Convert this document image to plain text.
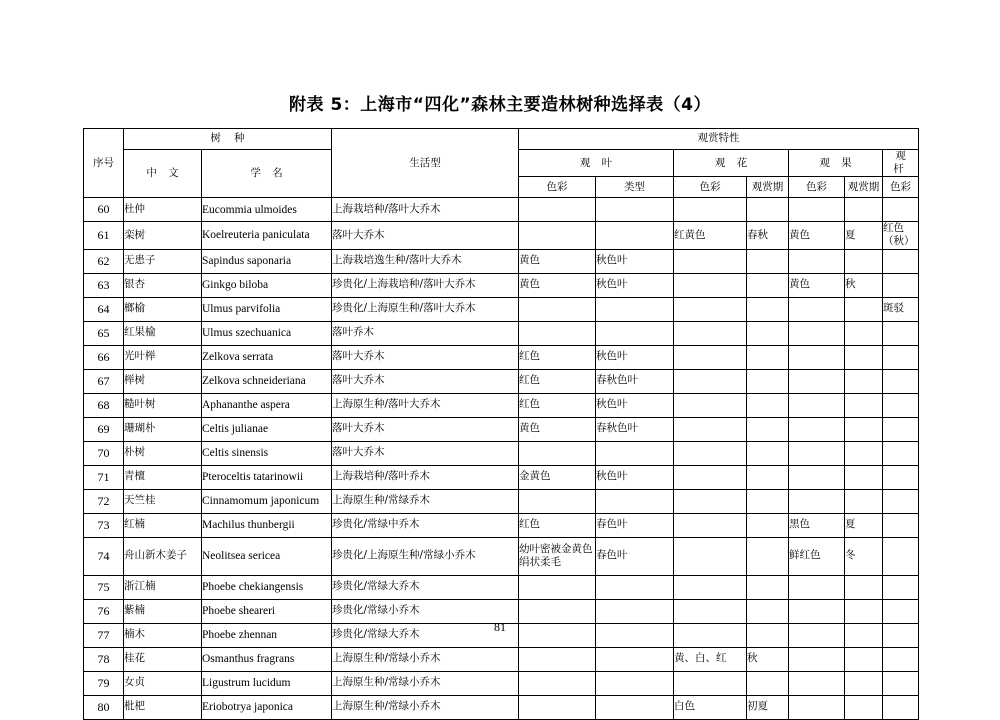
附表 5：上海市“四化”森林主要造林树种选择表（4）
序号	树 种		生活型	观赏特性						
	中 文	学 名		观 叶		观 花		观 果		观 杆
				色彩	类型	色彩	观赏期	色彩	观赏期	色彩
60	杜仲	Eucommia ulmoides	上海栽培种/落叶大乔木							
61	栾树	Koelreuteria paniculata	落叶大乔木			红黄色	春秋	黄色	夏	红色（秋）
62	无患子	Sapindus saponaria	上海栽培逸生种/落叶大乔木	黄色	秋色叶					
63	银杏	Ginkgo biloba	珍贵化/上海栽培种/落叶大乔木	黄色	秋色叶			黄色	秋	
64	榔榆	Ulmus parvifolia	珍贵化/上海原生种/落叶大乔木							斑驳
65	红果榆	Ulmus szechuanica	落叶乔木							
66	光叶榉	Zelkova serrata	落叶大乔木	红色	秋色叶					
67	榉树	Zelkova schneideriana	落叶大乔木	红色	春秋色叶					
68	糙叶树	Aphananthe aspera	上海原生种/落叶大乔木	红色	秋色叶					
69	珊瑚朴	Celtis julianae	落叶大乔木	黄色	春秋色叶					
70	朴树	Celtis sinensis	落叶大乔木							
71	青檀	Pteroceltis tatarinowii	上海栽培种/落叶乔木	金黄色	秋色叶					
72	天竺桂	Cinnamomum japonicum	上海原生种/常绿乔木							
73	红楠	Machilus thunbergii	珍贵化/常绿中乔木	红色	春色叶			黑色	夏	
74	舟山新木姜子	Neolitsea sericea	珍贵化/上海原生种/常绿小乔木	幼叶密被金黄色绢状柔毛	春色叶			鲜红色	冬	
75	浙江楠	Phoebe chekiangensis	珍贵化/常绿大乔木							
76	紫楠	Phoebe sheareri	珍贵化/常绿小乔木							
77	楠木	Phoebe zhennan	珍贵化/常绿大乔木							
78	桂花	Osmanthus fragrans	上海原生种/常绿小乔木			黄、白、红	秋			
79	女贞	Ligustrum lucidum	上海原生种/常绿小乔木							
80	枇杷	Eriobotrya japonica	上海原生种/常绿小乔木			白色	初夏			
81
